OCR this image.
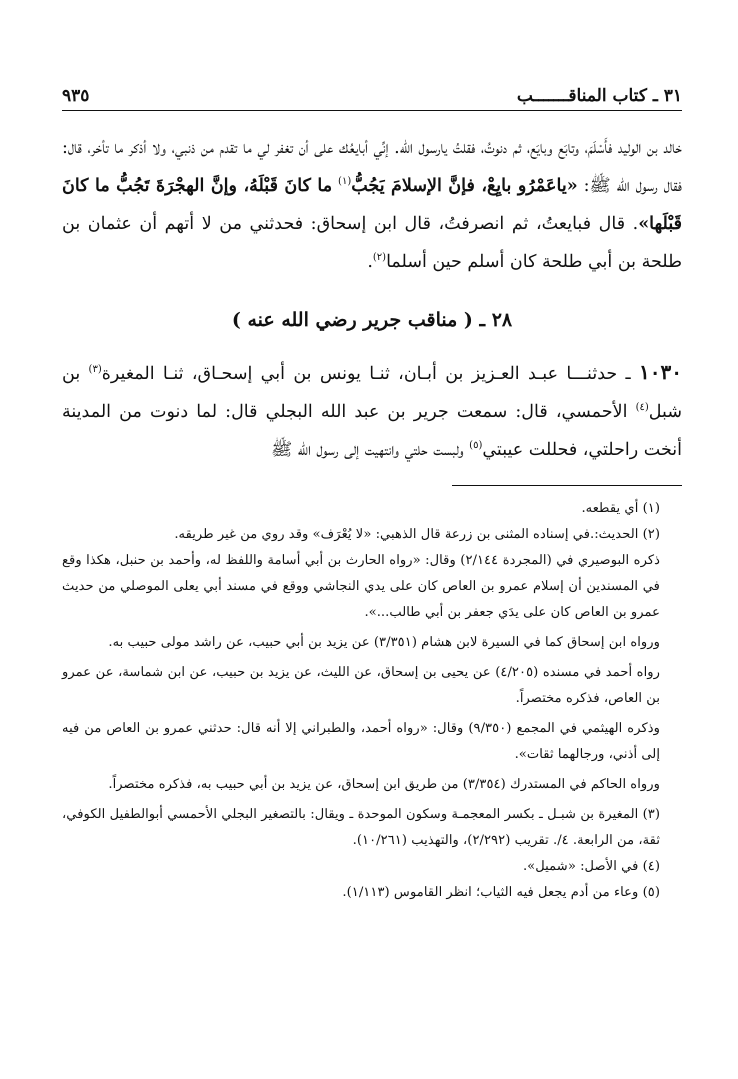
٣١ ـ كتاب المناقـــــــب
٩٣٥

خالد بن الوليد فأَسْلَمَ، وتابَع وبايَع، ثم دنوتُ، فقلتُ يارسول الله. إنِّي أبايعُك على أن تغفر لي ما تقدم من ذنبي، ولا أذكر ما تأخر، قال: فقال رسول الله ﷺ: «ياعَمْرُو بايِعْ، فإنَّ الإسلامَ يَجُبُّ$^{(١)}$ ما كانَ قَبْلَهُ، وإنَّ الهجْرَةَ تَجُبُّ ما كانَ قَبْلَها». قال فبايعتُ، ثم انصرفتُ، قال ابن إسحاق: فحدثني من لا أتهم أن عثمان بن طلحة بن أبي طلحة كان أسلم حين أسلما$^{(٢)}$.

٢٨ ـ ( مناقب جرير رضي الله عنه )

١٠٣٠ ـ حدثنـــا عبـد العـزيز بن أبـان، ثنـا يونس بن أبي إسحـاق، ثنـا المغيرة$^{(٣)}$ بن شبل$^{(٤)}$ الأحمسي، قال: سمعت جرير بن عبد الله البجلي قال: لما دنوت من المدينة أنخت راحلتي، فحللت عيبتي$^{(٥)}$ ولبست حلتي وانتهيت إلى رسول الله ﷺ

(١) أي يقطعه.

(٢) الحديث:.في إسناده المثنى بن زرعة قال الذهبي: «لا يُعْرَف» وقد روي من غير طريقه.

ذكره البوصيري في (المجردة ٢/١٤٤) وقال: «رواه الحارث بن أبي أسامة واللفظ له، وأحمد بن حنبل، هكذا وقع في المسندين أن إسلام عمرو بن العاص كان على يدي النجاشي ووقع في مسند أبي يعلى الموصلي من حديث عمرو بن العاص كان على يدَي جعفر بن أبي طالب...».

ورواه ابن إسحاق كما في السيرة لابن هشام (٣/٣٥١) عن يزيد بن أبي حبيب، عن راشد مولى حبيب به.

رواه أحمد في مسنده (٤/٢٠٥) عن يحيى بن إسحاق، عن الليث، عن يزيد بن حبيب، عن ابن شماسة، عن عمرو بن العاص، فذكره مختصراً.

وذكره الهيثمي في المجمع (٩/٣٥٠) وقال: «رواه أحمد، والطبراني إلا أنه قال: حدثني عمرو بن العاص من فيه إلى أذني، ورجالهما ثقات».

ورواه الحاكم في المستدرك (٣/٣٥٤) من طريق ابن إسحاق، عن يزيد بن أبي حبيب به، فذكره مختصراً.

(٣) المغيرة بن شبـل ـ بكسر المعجمـة وسكون الموحدة ـ ويقال: بالتصغير البجلي الأحمسي أبوالطفيل الكوفي، ثقة، من الرابعة. ٤/. تقريب (٢/٢٩٢)، والتهذيب (١٠/٢٦١).

(٤) في الأصل: «شميل».

(٥) وعاء من أدم يجعل فيه الثياب؛ انظر القاموس (١/١١٣).
